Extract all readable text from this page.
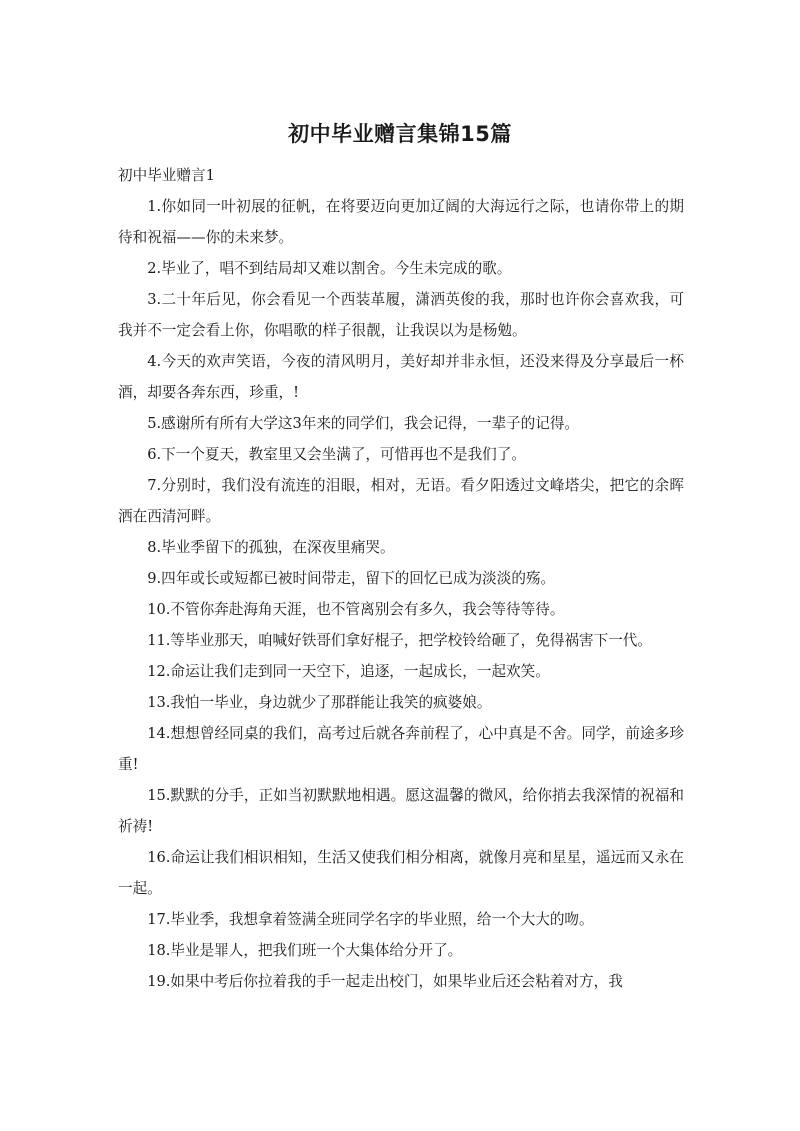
初中毕业赠言集锦15篇

初中毕业赠言1

1.你如同一叶初展的征帆，在将要迈向更加辽阔的大海远行之际，也请你带上的期待和祝福——你的未来梦。

2.毕业了，唱不到结局却又难以割舍。今生未完成的歌。

3.二十年后见，你会看见一个西装革履，潇洒英俊的我，那时也许你会喜欢我，可我并不一定会看上你，你唱歌的样子很靓，让我误以为是杨勉。

4.今天的欢声笑语，今夜的清风明月，美好却并非永恒，还没来得及分享最后一杯酒，却要各奔东西，珍重，!

5.感谢所有所有大学这3年来的同学们，我会记得，一辈子的记得。

6.下一个夏天，教室里又会坐满了，可惜再也不是我们了。

7.分别时，我们没有流连的泪眼，相对，无语。看夕阳透过文峰塔尖，把它的余晖洒在西清河畔。

8.毕业季留下的孤独，在深夜里痛哭。

9.四年或长或短都已被时间带走，留下的回忆已成为淡淡的殇。

10.不管你奔赴海角天涯，也不管离别会有多久，我会等待等待。

11.等毕业那天，咱喊好铁哥们拿好棍子，把学校铃给砸了，免得祸害下一代。

12.命运让我们走到同一天空下，追逐，一起成长，一起欢笑。

13.我怕一毕业，身边就少了那群能让我笑的疯婆娘。

14.想想曾经同桌的我们，高考过后就各奔前程了，心中真是不舍。同学，前途多珍重!

15.默默的分手，正如当初默默地相遇。愿这温馨的微风，给你捎去我深情的祝福和祈祷!

16.命运让我们相识相知，生活又使我们相分相离，就像月亮和星星，遥远而又永在一起。

17.毕业季，我想拿着签满全班同学名字的毕业照，给一个大大的吻。

18.毕业是罪人，把我们班一个大集体给分开了。

19.如果中考后你拉着我的手一起走出校门，如果毕业后还会粘着对方，我
